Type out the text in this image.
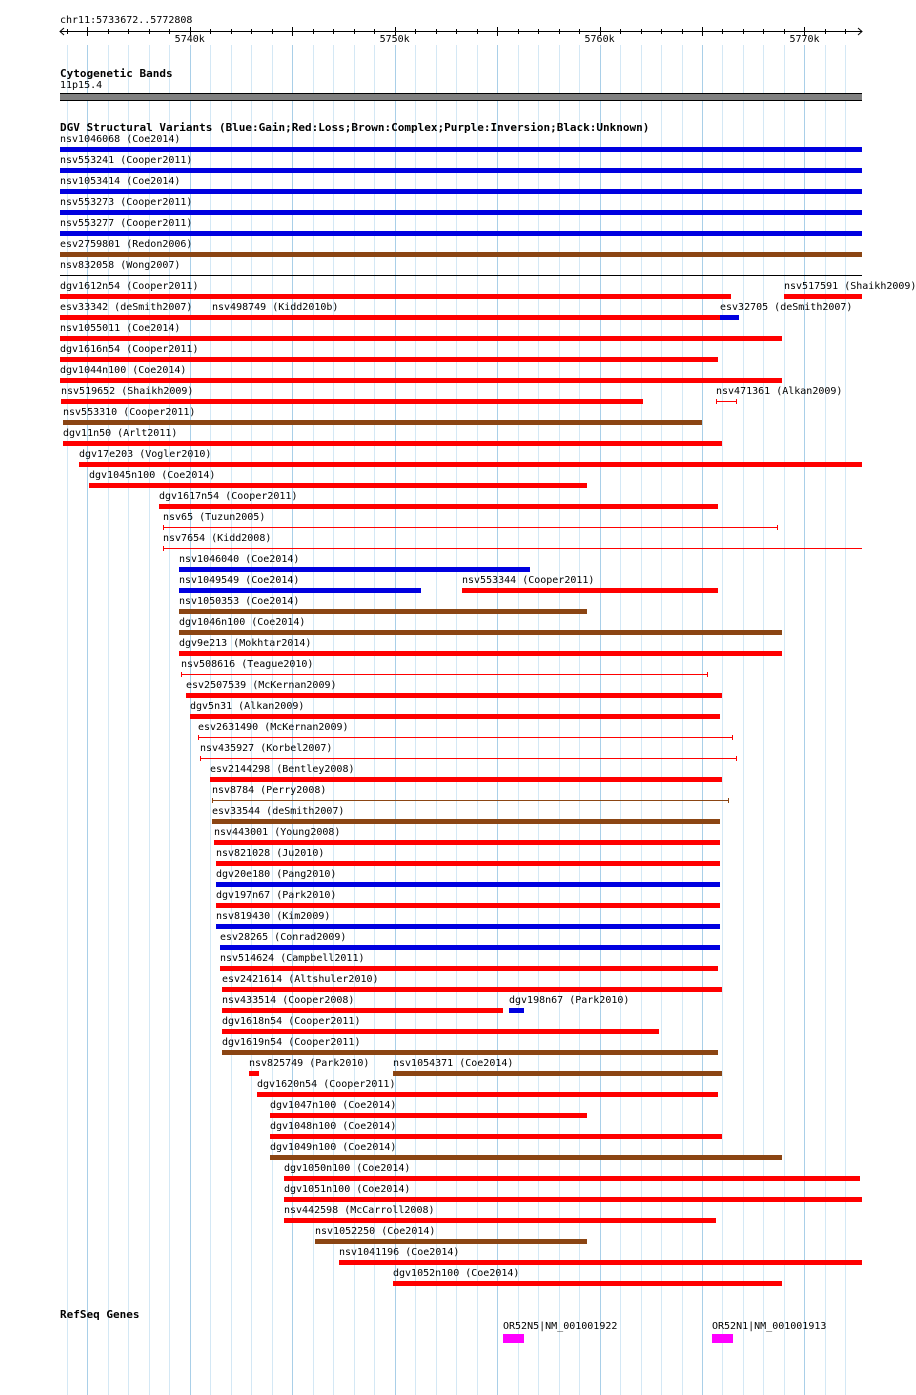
chr11:5733672..5772808
5740k	5750k	5760k	5770k
Cytogenetic Bands
11p15.4
DGV Structural Variants (Blue:Gain;Red:Loss;Brown:Complex;Purple:Inversion;Black:Unknown)
nsv1046068 (Coe2014)
nsv553241 (Cooper2011)
nsv1053414 (Coe2014)
nsv553273 (Cooper2011)
nsv553277 (Cooper2011)
esv2759801 (Redon2006)
nsv832058 (Wong2007)
dgv1612n54 (Cooper2011)	nsv517591 (Shaikh2009)
esv33342 (deSmith2007) nsv498749 (Kidd2010b)	esv32705 (deSmith2007)
nsv1055011 (Coe2014)
dgv1616n54 (Cooper2011)
dgv1044n100 (Coe2014)
nsv519652 (Shaikh2009)	nsv471361 (Alkan2009)
nsv553310 (Cooper2011)
dgv11n50 (Arlt2011)
dgv17e203 (Vogler2010)
dgv1045n100 (Coe2014)
dgv1617n54 (Cooper2011)
nsv65 (Tuzun2005)
nsv7654 (Kidd2008)
nsv1046040 (Coe2014)
nsv1049549 (Coe2014)	nsv553344 (Cooper2011)
nsv1050353 (Coe2014)
dgv1046n100 (Coe2014)
dgv9e213 (Mokhtar2014)
nsv508616 (Teague2010)
esv2507539 (McKernan2009)
dgv5n31 (Alkan2009)
esv2631490 (McKernan2009)
nsv435927 (Korbel2007)
esv2144298 (Bentley2008)
nsv8784 (Perry2008)
esv33544 (deSmith2007)
nsv443001 (Young2008)
nsv821028 (Ju2010)
dgv20e180 (Pang2010)
dgv197n67 (Park2010)
nsv819430 (Kim2009)
esv28265 (Conrad2009)
nsv514624 (Campbell2011)
esv2421614 (Altshuler2010)
nsv433514 (Cooper2008)	dgv198n67 (Park2010)
dgv1618n54 (Cooper2011)
dgv1619n54 (Cooper2011)
nsv825749 (Park2010) nsv1054371 (Coe2014)
dgv1620n54 (Cooper2011)
dgv1047n100 (Coe2014)
dgv1048n100 (Coe2014)
dgv1049n100 (Coe2014)
dgv1050n100 (Coe2014)
dgv1051n100 (Coe2014)
nsv442598 (McCarroll2008)
nsv1052250 (Coe2014)
nsv1041196 (Coe2014)
dgv1052n100 (Coe2014)
RefSeq Genes
OR52N5|NM_001001922	OR52N1|NM_001001913
